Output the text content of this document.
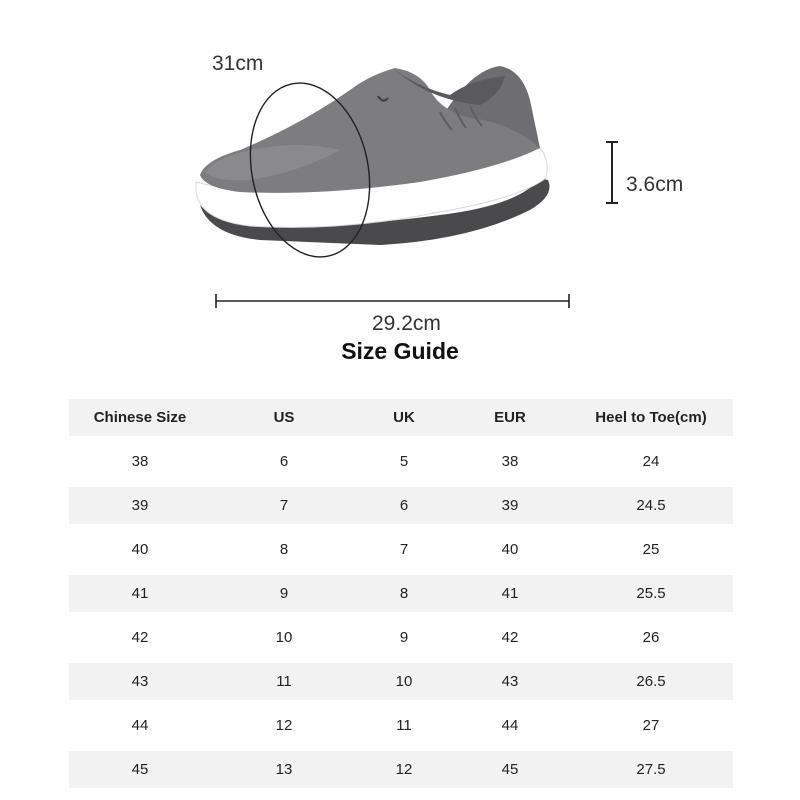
31cm
3.6cm
29.2cm
Size Guide
Chinese Size	US	UK	EUR	Heel to Toe(cm)
38	6	5	38	24
39	7	6	39	24.5
40	8	7	40	25
41	9	8	41	25.5
42	10	9	42	26
43	11	10	43	26.5
44	12	11	44	27
45	13	12	45	27.5
